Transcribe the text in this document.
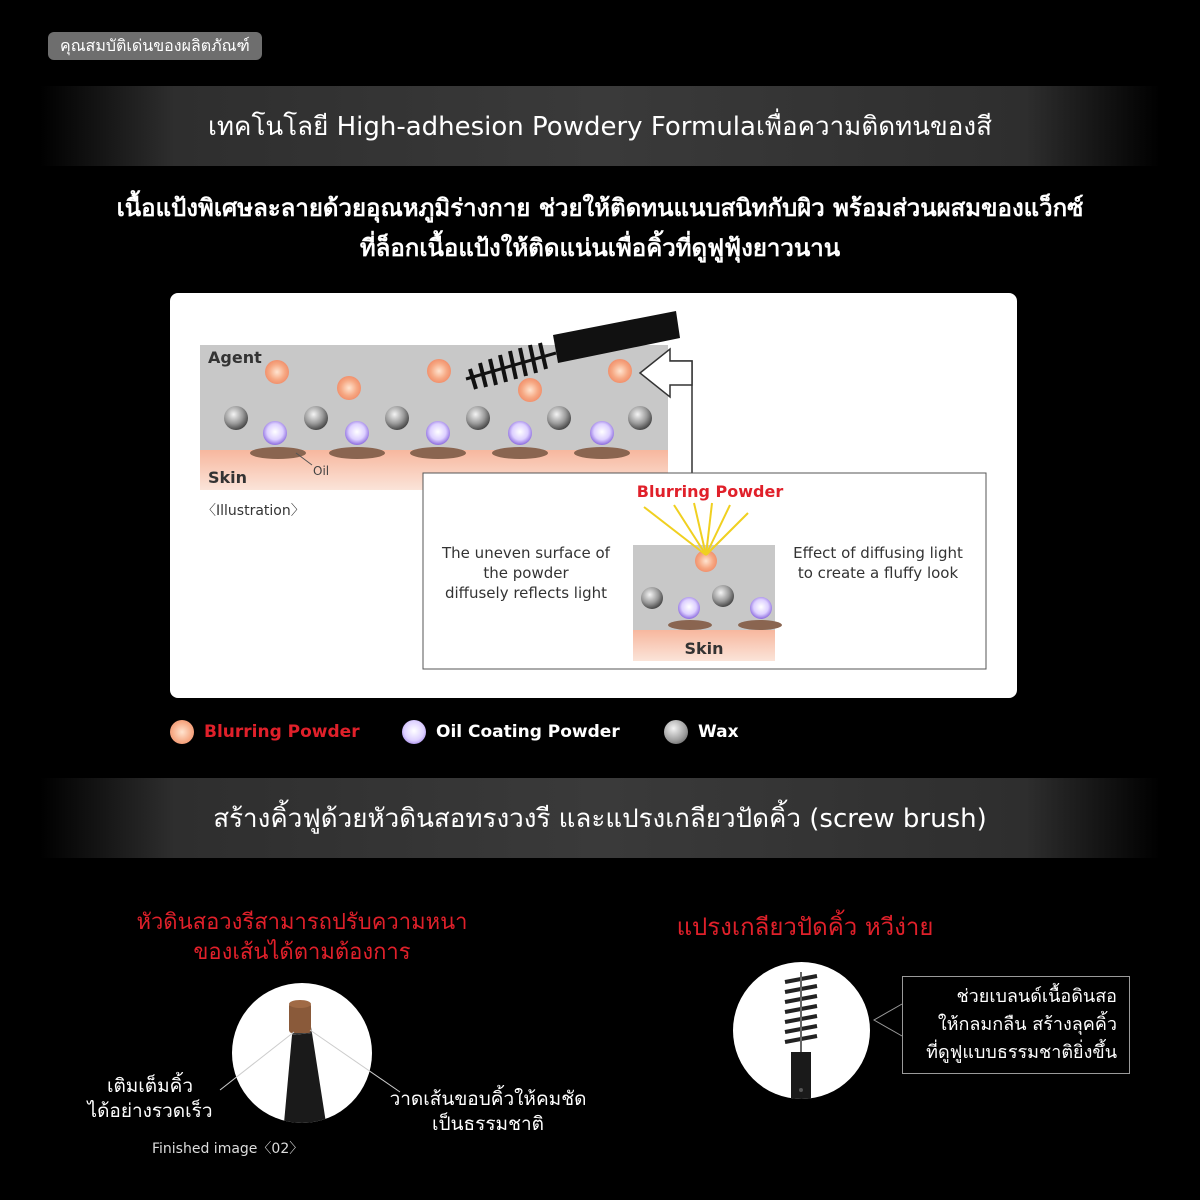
คุณสมบัติเด่นของผลิตภัณฑ์
เทคโนโลยี High-adhesion Powdery Formulaเพื่อความติดทนของสี
เนื้อแป้งพิเศษละลายด้วยอุณหภูมิร่างกาย ช่วยให้ติดทนแนบสนิทกับผิว พร้อมส่วนผสมของแว็กซ์
ที่ล็อกเนื้อแป้งให้ติดแน่นเพื่อคิ้วที่ดูฟูฟุ้งยาวนาน
Agent
Skin	Oil
〈Illustration〉
Blurring Powder
The uneven surface of
the powder
diffusely reflects light
Effect of diffusing light
to create a fluffy look
Skin
Blurring Powder	Oil Coating Powder	Wax
สร้างคิ้วฟูด้วยหัวดินสอทรงวงรี และแปรงเกลียวปัดคิ้ว (screw brush)
หัวดินสอวงรีสามารถปรับความหนา
ของเส้นได้ตามต้องการ
เติมเต็มคิ้ว
ได้อย่างรวดเร็ว
วาดเส้นขอบคิ้วให้คมชัด
เป็นธรรมชาติ
Finished image〈02〉
แปรงเกลียวปัดคิ้ว หวีง่าย
ช่วยเบลนด์เนื้อดินสอ
ให้กลมกลืน สร้างลุคคิ้ว
ที่ดูฟูแบบธรรมชาติยิ่งขึ้น
